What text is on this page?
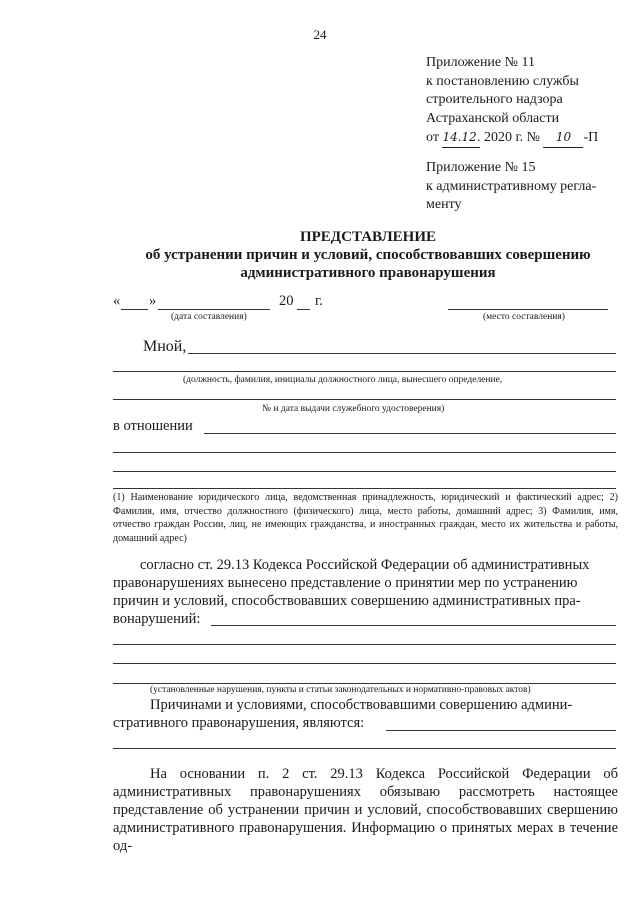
24
Приложение № 11
к постановлению службы
строительного надзора
Астраханской области
от 14.12. 2020 г. № 10 -П
Приложение № 15
к административному регла-
менту
ПРЕДСТАВЛЕНИЕ
об устранении причин и условий, способствовавших совершению
административного правонарушения
« »	20 г.
(дата составления)	(место составления)
Мной,
(должность, фамилия, инициалы должностного лица, вынесшего определение,
№ и дата выдачи служебного удостоверения)
в отношении
(1) Наименование юридического лица, ведомственная принадлежность, юридический и фактический адрес; 2) Фамилия, имя, отчество должностного (физического) лица, место работы, домашний адрес; 3) Фамилия, имя, отчество граждан России, лиц, не имеющих гражданства, и иностранных граждан, место их жительства и работы, домашний адрес)
согласно ст. 29.13 Кодекса Российской Федерации об административных
правонарушениях вынесено представление о принятии мер по устранению
причин и условий, способствовавших совершению административных пра-
вонарушений:
(установленные нарушения, пункты и статьи законодательных и нормативно-правовых актов)
Причинами и условиями, способствовавшими совершению админи-
стративного правонарушения, являются:
На основании п. 2 ст. 29.13 Кодекса Российской Федерации об административных правонарушениях обязываю рассмотреть настоящее представление об устранении причин и условий, способствовавших свершению административного правонарушения. Информацию о принятых мерах в течение од-
